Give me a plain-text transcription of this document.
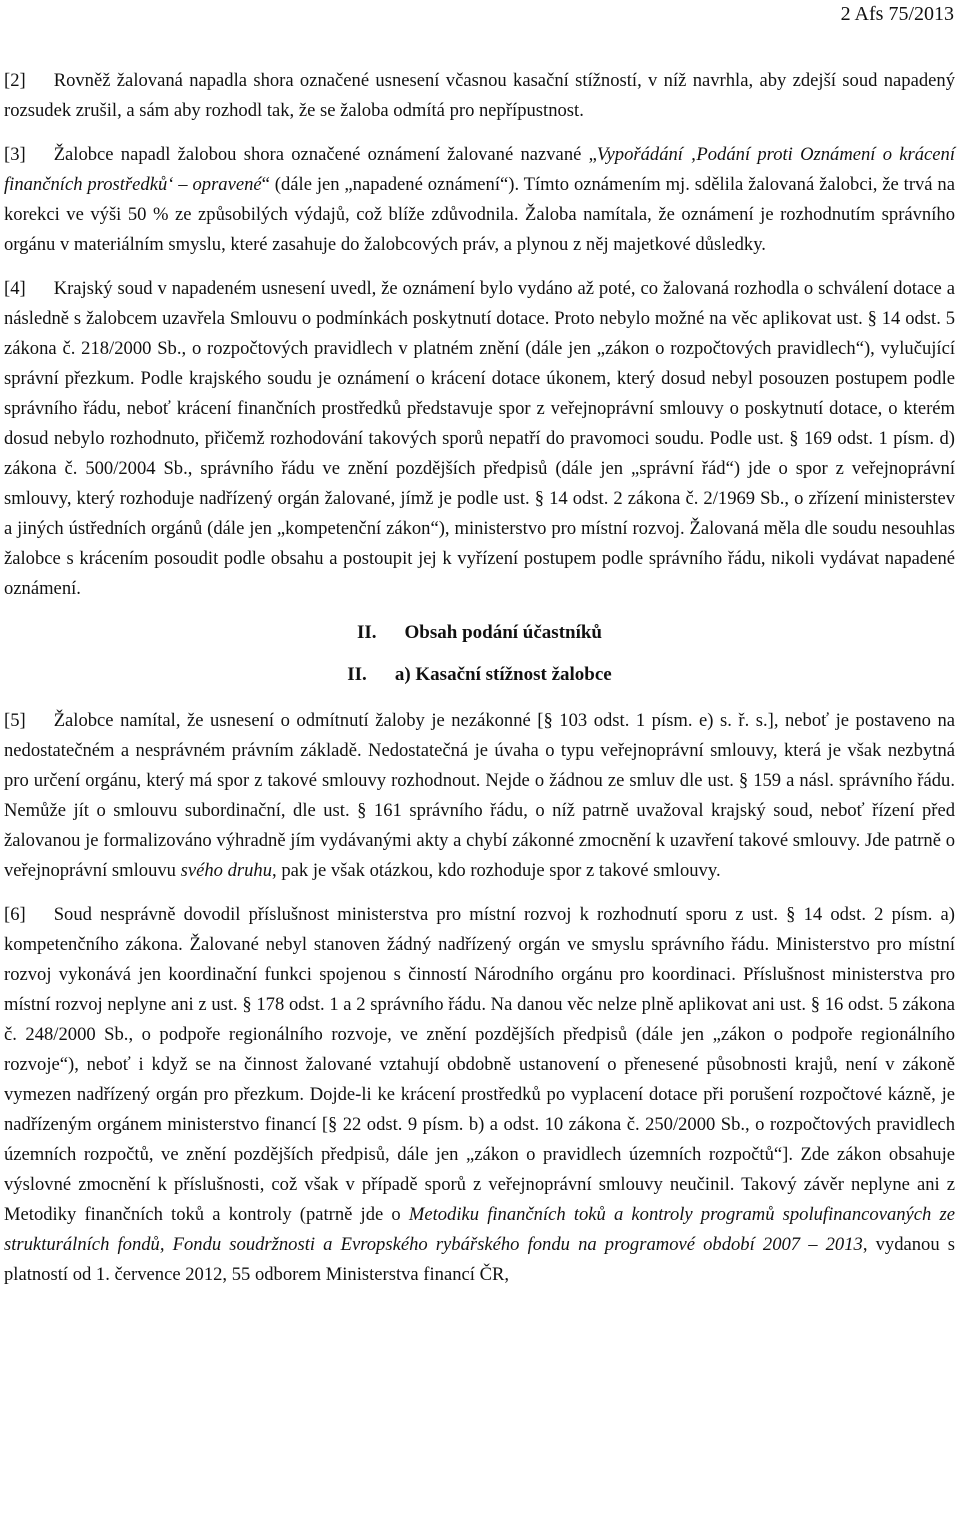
2 Afs 75/2013

[2] Rovněž žalovaná napadla shora označené usnesení včasnou kasační stížností, v níž navrhla, aby zdejší soud napadený rozsudek zrušil, a sám aby rozhodl tak, že se žaloba odmítá pro nepřípustnost.

[3] Žalobce napadl žalobou shora označené oznámení žalované nazvané „Vypořádání ‚Podání proti Oznámení o krácení finančních prostředků‘ – opravené“ (dále jen „napadené oznámení“). Tímto oznámením mj. sdělila žalovaná žalobci, že trvá na korekci ve výši 50 % ze způsobilých výdajů, což blíže zdůvodnila. Žaloba namítala, že oznámení je rozhodnutím správního orgánu v materiálním smyslu, které zasahuje do žalobcových práv, a plynou z něj majetkové důsledky.

[4] Krajský soud v napadeném usnesení uvedl, že oznámení bylo vydáno až poté, co žalovaná rozhodla o schválení dotace a následně s žalobcem uzavřela Smlouvu o podmínkách poskytnutí dotace. Proto nebylo možné na věc aplikovat ust. § 14 odst. 5 zákona č. 218/2000 Sb., o rozpočtových pravidlech v platném znění (dále jen „zákon o rozpočtových pravidlech“), vylučující správní přezkum. Podle krajského soudu je oznámení o krácení dotace úkonem, který dosud nebyl posouzen postupem podle správního řádu, neboť krácení finančních prostředků představuje spor z veřejnoprávní smlouvy o poskytnutí dotace, o kterém dosud nebylo rozhodnuto, přičemž rozhodování takových sporů nepatří do pravomoci soudu. Podle ust. § 169 odst. 1 písm. d) zákona č. 500/2004 Sb., správního řádu ve znění pozdějších předpisů (dále jen „správní řád“) jde o spor z veřejnoprávní smlouvy, který rozhoduje nadřízený orgán žalované, jímž je podle ust. § 14 odst. 2 zákona č. 2/1969 Sb., o zřízení ministerstev a jiných ústředních orgánů (dále jen „kompetenční zákon“), ministerstvo pro místní rozvoj. Žalovaná měla dle soudu nesouhlas žalobce s krácením posoudit podle obsahu a postoupit jej k vyřízení postupem podle správního řádu, nikoli vydávat napadené oznámení.

II. Obsah podání účastníků

II. a) Kasační stížnost žalobce

[5] Žalobce namítal, že usnesení o odmítnutí žaloby je nezákonné [§ 103 odst. 1 písm. e) s. ř. s.], neboť je postaveno na nedostatečném a nesprávném právním základě. Nedostatečná je úvaha o typu veřejnoprávní smlouvy, která je však nezbytná pro určení orgánu, který má spor z takové smlouvy rozhodnout. Nejde o žádnou ze smluv dle ust. § 159 a násl. správního řádu. Nemůže jít o smlouvu subordinační, dle ust. § 161 správního řádu, o níž patrně uvažoval krajský soud, neboť řízení před žalovanou je formalizováno výhradně jím vydávanými akty a chybí zákonné zmocnění k uzavření takové smlouvy. Jde patrně o veřejnoprávní smlouvu svého druhu, pak je však otázkou, kdo rozhoduje spor z takové smlouvy.

[6] Soud nesprávně dovodil příslušnost ministerstva pro místní rozvoj k rozhodnutí sporu z ust. § 14 odst. 2 písm. a) kompetenčního zákona. Žalované nebyl stanoven žádný nadřízený orgán ve smyslu správního řádu. Ministerstvo pro místní rozvoj vykonává jen koordinační funkci spojenou s činností Národního orgánu pro koordinaci. Příslušnost ministerstva pro místní rozvoj neplyne ani z ust. § 178 odst. 1 a 2 správního řádu. Na danou věc nelze plně aplikovat ani ust. § 16 odst. 5 zákona č. 248/2000 Sb., o podpoře regionálního rozvoje, ve znění pozdějších předpisů (dále jen „zákon o podpoře regionálního rozvoje“), neboť i když se na činnost žalované vztahují obdobně ustanovení o přenesené působnosti krajů, není v zákoně vymezen nadřízený orgán pro přezkum. Dojde-li ke krácení prostředků po vyplacení dotace při porušení rozpočtové kázně, je nadřízeným orgánem ministerstvo financí [§ 22 odst. 9 písm. b) a odst. 10 zákona č. 250/2000 Sb., o rozpočtových pravidlech územních rozpočtů, ve znění pozdějších předpisů, dále jen „zákon o pravidlech územních rozpočtů“]. Zde zákon obsahuje výslovné zmocnění k příslušnosti, což však v případě sporů z veřejnoprávní smlouvy neučinil. Takový závěr neplyne ani z Metodiky finančních toků a kontroly (patrně jde o Metodiku finančních toků a kontroly programů spolufinancovaných ze strukturálních fondů, Fondu soudržnosti a Evropského rybářského fondu na programové období 2007 – 2013, vydanou s platností od 1. července 2012, 55 odborem Ministerstva financí ČR,
